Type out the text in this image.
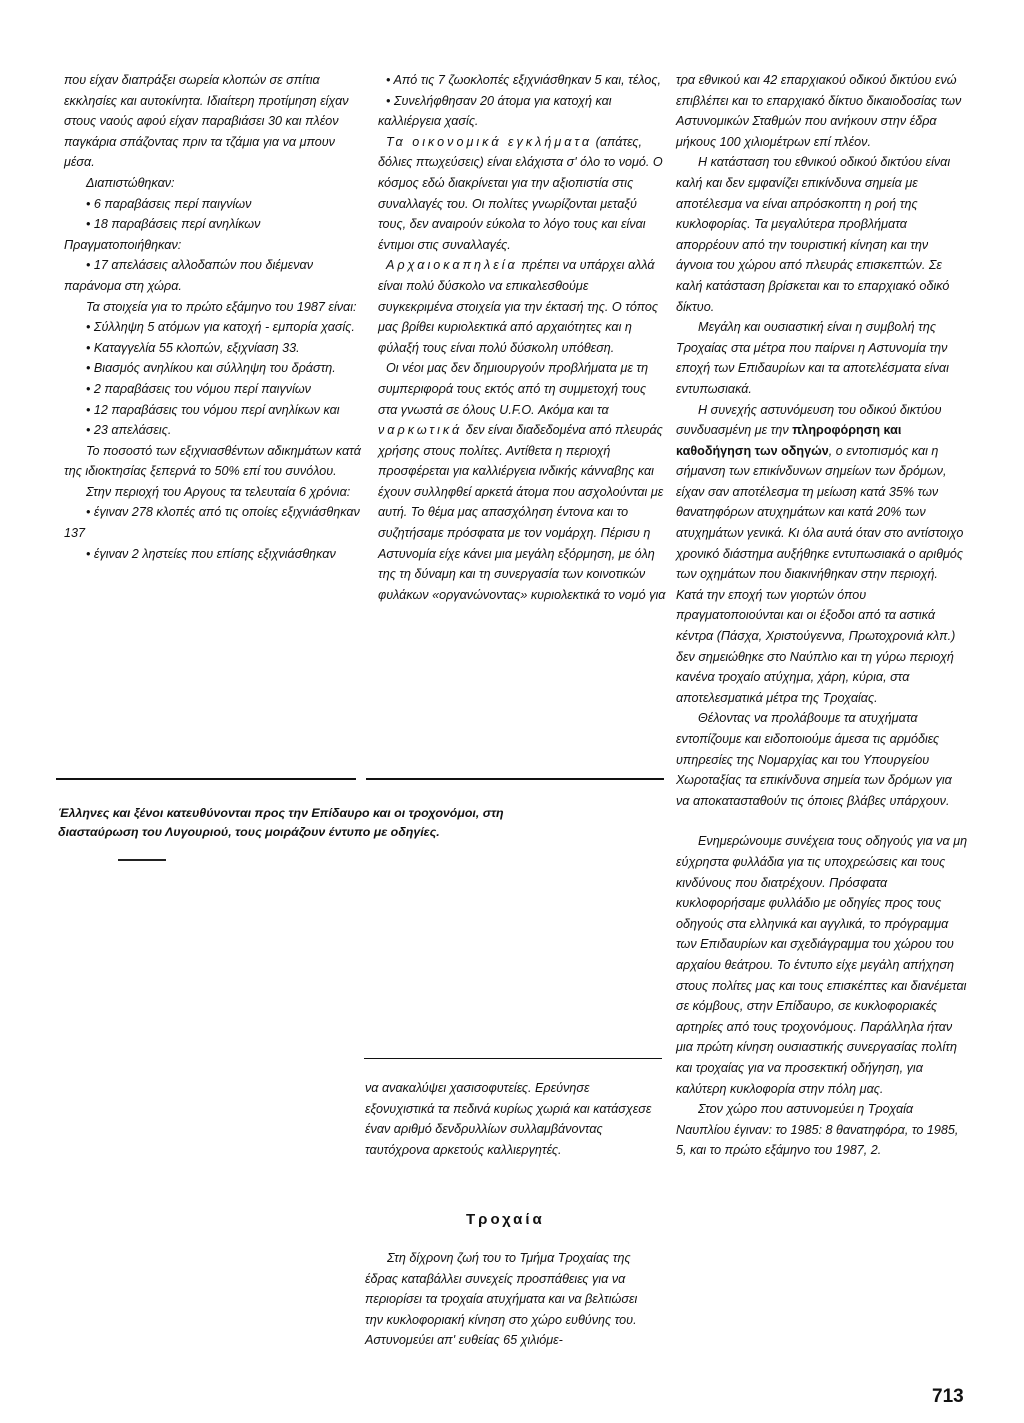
που είχαν διαπράξει σωρεία κλοπών σε σπίτια εκκλησίες και αυτοκίνητα. Ιδιαίτερη προτίμηση είχαν στους ναούς αφού είχαν παραβιάσει 30 και πλέον παγκάρια σπάζοντας πριν τα τζάμια για να μπουν μέσα.

Διαπιστώθηκαν:

• 6 παραβάσεις περί παιγνίων

• 18 παραβάσεις περί ανηλίκων

Πραγματοποιήθηκαν:

• 17 απελάσεις αλλοδαπών που διέμεναν παράνομα στη χώρα.

Τα στοιχεία για το πρώτο εξάμηνο του 1987 είναι:

• Σύλληψη 5 ατόμων για κατοχή - εμπορία χασίς.

• Καταγγελία 55 κλοπών, εξιχνίαση 33.

• Βιασμός ανηλίκου και σύλληψη του δράστη.

• 2 παραβάσεις του νόμου περί παιγνίων

• 12 παραβάσεις του νόμου περί ανηλίκων και

• 23 απελάσεις.

Το ποσοστό των εξιχνιασθέντων αδικημάτων κατά της ιδιοκτησίας ξεπερνά το 50% επί του συνόλου.

Στην περιοχή του Αργους τα τελευταία 6 χρόνια:

• έγιναν 278 κλοπές από τις οποίες εξιχνιάσθηκαν 137

• έγιναν 2 ληστείες που επίσης εξιχνιάσθηκαν

• Από τις 7 ζωοκλοπές εξιχνιάσθηκαν 5 και, τέλος,

• Συνελήφθησαν 20 άτομα για κατοχή και καλλιέργεια χασίς.

Τα οικονομικά εγκλήματα (απάτες, δόλιες πτωχεύσεις) είναι ελάχιστα σ' όλο το νομό. Ο κόσμος εδώ διακρίνεται για την αξιοπιστία στις συναλλαγές του. Οι πολίτες γνωρίζονται μεταξύ τους, δεν αναιρούν εύκολα το λόγο τους και είναι έντιμοι στις συναλλαγές.

Αρχαιοκαπηλεία πρέπει να υπάρχει αλλά είναι πολύ δύσκολο να επικαλεσθούμε συγκεκριμένα στοιχεία για την έκτασή της. Ο τόπος μας βρίθει κυριολεκτικά από αρχαιότητες και η φύλαξή τους είναι πολύ δύσκολη υπόθεση.

Οι νέοι μας δεν δημιουργούν προβλήματα με τη συμπεριφορά τους εκτός από τη συμμετοχή τους στα γνωστά σε όλους U.F.O. Ακόμα και τα ναρκωτικά δεν είναι διαδεδομένα από πλευράς χρήσης στους πολίτες. Αντίθετα η περιοχή προσφέρεται για καλλιέργεια ινδικής κάνναβης και έχουν συλληφθεί αρκετά άτομα που ασχολούνται με αυτή. Το θέμα μας απασχόληση έντονα και το συζητήσαμε πρόσφατα με τον νομάρχη. Πέρισυ η Αστυνομία είχε κάνει μια μεγάλη εξόρμηση, με όλη της τη δύναμη και τη συνεργασία των κοινοτικών φυλάκων «οργανώνοντας» κυριολεκτικά το νομό για

Έλληνες και ξένοι κατευθύνονται προς την Επίδαυρο και οι τροχονόμοι, στη διασταύρωση του Λυγουριού, τους μοιράζουν έντυπο με οδηγίες.

να ανακαλύψει χασισοφυτείες. Ερεύνησε εξονυχιστικά τα πεδινά κυρίως χωριά και κατάσχεσε έναν αριθμό δενδρυλλίων συλλαμβάνοντας ταυτόχρονα αρκετούς καλλιεργητές.

Τροχαία

Στη δίχρονη ζωή του το Τμήμα Τροχαίας της έδρας καταβάλλει συνεχείς προσπάθειες για να περιορίσει τα τροχαία ατυχήματα και να βελτιώσει την κυκλοφοριακή κίνηση στο χώρο ευθύνης του. Αστυνομεύει απ' ευθείας 65 χιλιόμε-

τρα εθνικού και 42 επαρχιακού οδικού δικτύου ενώ επιβλέπει και το επαρχιακό δίκτυο δικαιοδοσίας των Αστυνομικών Σταθμών που ανήκουν στην έδρα μήκους 100 χιλιομέτρων επί πλέον.

Η κατάσταση του εθνικού οδικού δικτύου είναι καλή και δεν εμφανίζει επικίνδυνα σημεία με αποτέλεσμα να είναι απρόσκοπτη η ροή της κυκλοφορίας. Τα μεγαλύτερα προβλήματα απορρέουν από την τουριστική κίνηση και την άγνοια του χώρου από πλευράς επισκεπτών. Σε καλή κατάσταση βρίσκεται και το επαρχιακό οδικό δίκτυο.

Μεγάλη και ουσιαστική είναι η συμβολή της Τροχαίας στα μέτρα που παίρνει η Αστυνομία την εποχή των Επιδαυρίων και τα αποτελέσματα είναι εντυπωσιακά.

Η συνεχής αστυνόμευση του οδικού δικτύου συνδυασμένη με την πληροφόρηση και καθοδήγηση των οδηγών, ο εντοπισμός και η σήμανση των επικίνδυνων σημείων των δρόμων, είχαν σαν αποτέλεσμα τη μείωση κατά 35% των θανατηφόρων ατυχημάτων και κατά 20% των ατυχημάτων γενικά. Κι όλα αυτά όταν στο αντίστοιχο χρονικό διάστημα αυξήθηκε εντυπωσιακά ο αριθμός των οχημάτων που διακινήθηκαν στην περιοχή. Κατά την εποχή των γιορτών όπου πραγματοποιούνται και οι έξοδοι από τα αστικά κέντρα (Πάσχα, Χριστούγεννα, Πρωτοχρονιά κλπ.) δεν σημειώθηκε στο Ναύπλιο και τη γύρω περιοχή κανένα τροχαίο ατύχημα, χάρη, κύρια, στα αποτελεσματικά μέτρα της Τροχαίας.

Θέλοντας να προλάβουμε τα ατυχήματα εντοπίζουμε και ειδοποιούμε άμεσα τις αρμόδιες υπηρεσίες της Νομαρχίας και του Υπουργείου Χωροταξίας τα επικίνδυνα σημεία των δρόμων για να αποκατασταθούν τις όποιες βλάβες υπάρχουν.

Ενημερώνουμε συνέχεια τους οδηγούς για να μη εύχρηστα φυλλάδια για τις υποχρεώσεις και τους κινδύνους που διατρέχουν. Πρόσφατα κυκλοφορήσαμε φυλλάδιο με οδηγίες προς τους οδηγούς στα ελληνικά και αγγλικά, το πρόγραμμα των Επιδαυρίων και σχεδιάγραμμα του χώρου του αρχαίου θεάτρου. Το έντυπο είχε μεγάλη απήχηση στους πολίτες μας και τους επισκέπτες και διανέμεται σε κόμβους, στην Επίδαυρο, σε κυκλοφοριακές αρτηρίες από τους τροχονόμους. Παράλληλα ήταν μια πρώτη κίνηση ουσιαστικής συνεργασίας πολίτη και τροχαίας για να προσεκτική οδήγηση, για καλύτερη κυκλοφορία στην πόλη μας.

Στον χώρο που αστυνομεύει η Τροχαία Ναυπλίου έγιναν: το 1985: 8 θανατηφόρα, το 1985, 5, και το πρώτο εξάμηνο του 1987, 2.

713
